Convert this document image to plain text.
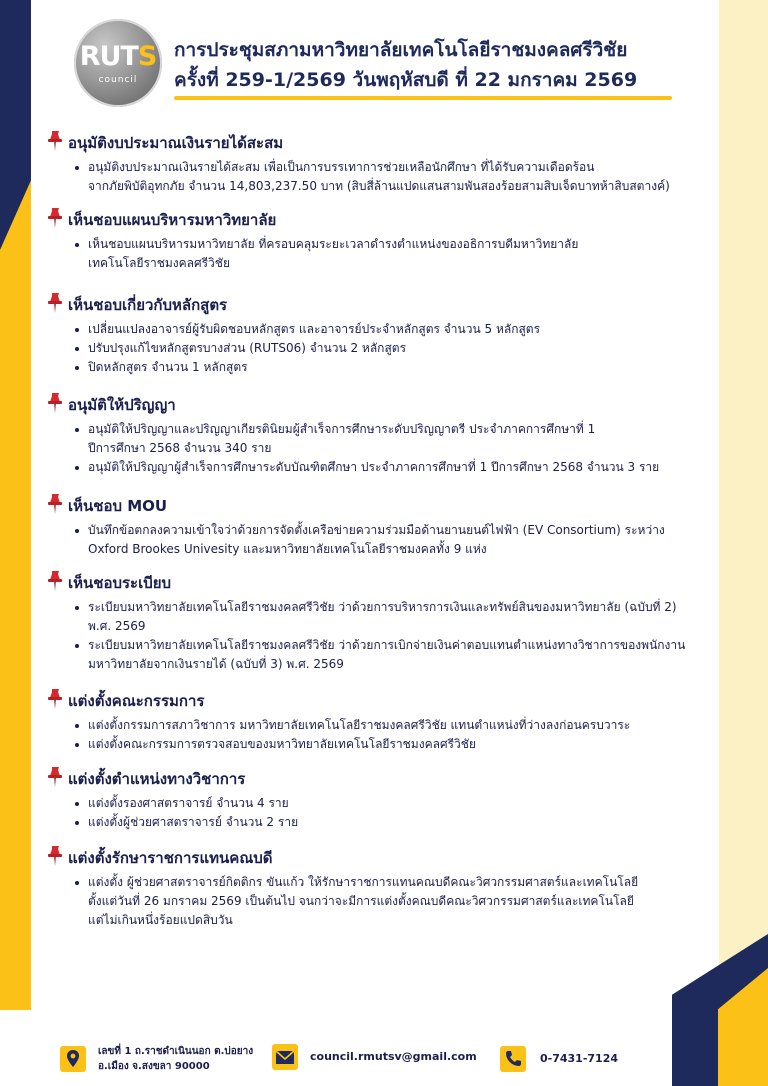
RUTS
council
การประชุมสภามหาวิทยาลัยเทคโนโลยีราชมงคลศรีวิชัย
ครั้งที่ 259-1/2569 วันพฤหัสบดี ที่ 22 มกราคม 2569
อนุมัติงบประมาณเงินรายได้สะสม
อนุมัติงบประมาณเงินรายได้สะสม เพื่อเป็นการบรรเทาการช่วยเหลือนักศึกษา ที่ได้รับความเดือดร้อน
จากภัยพิบัติอุทกภัย จำนวน 14,803,237.50 บาท (สิบสี่ล้านแปดแสนสามพันสองร้อยสามสิบเจ็ดบาทห้าสิบสตางค์)
เห็นชอบแผนบริหารมหาวิทยาลัย
เห็นชอบแผนบริหารมหาวิทยาลัย ที่ครอบคลุมระยะเวลาดำรงตำแหน่งของอธิการบดีมหาวิทยาลัย
เทคโนโลยีราชมงคลศรีวิชัย
เห็นชอบเกี่ยวกับหลักสูตร
เปลี่ยนแปลงอาจารย์ผู้รับผิดชอบหลักสูตร และอาจารย์ประจำหลักสูตร จำนวน 5 หลักสูตร
ปรับปรุงแก้ไขหลักสูตรบางส่วน (RUTS06) จำนวน 2 หลักสูตร
ปิดหลักสูตร จำนวน 1 หลักสูตร
อนุมัติให้ปริญญา
อนุมัติให้ปริญญาและปริญญาเกียรตินิยมผู้สำเร็จการศึกษาระดับปริญญาตรี ประจำภาคการศึกษาที่ 1
ปีการศึกษา 2568 จำนวน 340 ราย
อนุมัติให้ปริญญาผู้สำเร็จการศึกษาระดับบัณฑิตศึกษา ประจำภาคการศึกษาที่ 1 ปีการศึกษา 2568 จำนวน 3 ราย
เห็นชอบ MOU
บันทึกข้อตกลงความเข้าใจว่าด้วยการจัดตั้งเครือข่ายความร่วมมือด้านยานยนต์ไฟฟ้า (EV Consortium) ระหว่าง
Oxford Brookes Univesity และมหาวิทยาลัยเทคโนโลยีราชมงคลทั้ง 9 แห่ง
เห็นชอบระเบียบ
ระเบียบมหาวิทยาลัยเทคโนโลยีราชมงคลศรีวิชัย ว่าด้วยการบริหารการเงินและทรัพย์สินของมหาวิทยาลัย (ฉบับที่ 2)
พ.ศ. 2569
ระเบียบมหาวิทยาลัยเทคโนโลยีราชมงคลศรีวิชัย ว่าด้วยการเบิกจ่ายเงินค่าตอบแทนตำแหน่งทางวิชาการของพนักงาน
มหาวิทยาลัยจากเงินรายได้ (ฉบับที่ 3) พ.ศ. 2569
แต่งตั้งคณะกรรมการ
แต่งตั้งกรรมการสภาวิชาการ มหาวิทยาลัยเทคโนโลยีราชมงคลศรีวิชัย แทนตำแหน่งที่ว่างลงก่อนครบวาระ
แต่งตั้งคณะกรรมการตรวจสอบของมหาวิทยาลัยเทคโนโลยีราชมงคลศรีวิชัย
แต่งตั้งตำแหน่งทางวิชาการ
แต่งตั้งรองศาสตราจารย์ จำนวน 4 ราย
แต่งตั้งผู้ช่วยศาสตราจารย์ จำนวน 2 ราย
แต่งตั้งรักษาราชการแทนคณบดี
แต่งตั้ง ผู้ช่วยศาสตราจารย์กิตติกร ขันแก้ว ให้รักษาราชการแทนคณบดีคณะวิศวกรรมศาสตร์และเทคโนโลยี
ตั้งแต่วันที่ 26 มกราคม 2569 เป็นต้นไป จนกว่าจะมีการแต่งตั้งคณบดีคณะวิศวกรรมศาสตร์และเทคโนโลยี
แต่ไม่เกินหนึ่งร้อยแปดสิบวัน
เลขที่ 1 ถ.ราชดำเนินนอก ต.บ่อยาง
อ.เมือง จ.สงขลา 90000
council.rmutsv@gmail.com	0-7431-7124
